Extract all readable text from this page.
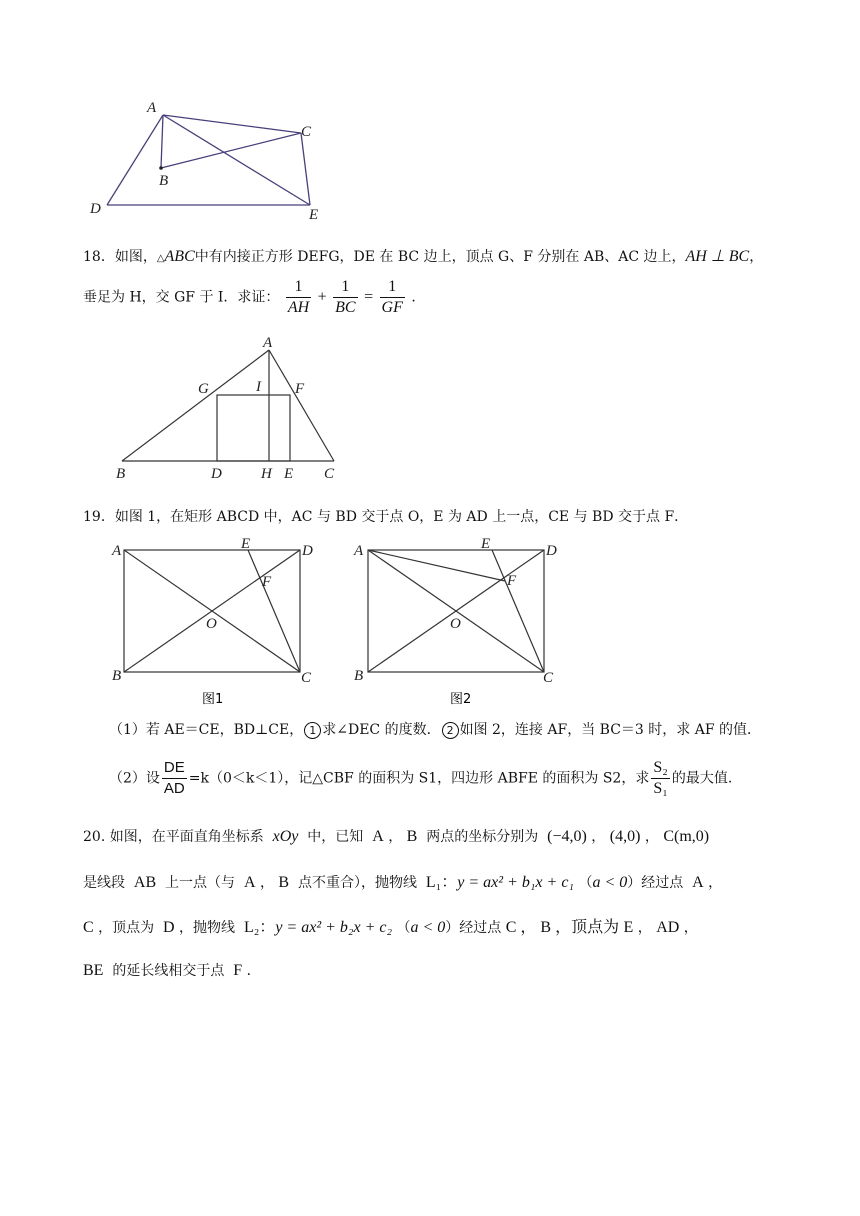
A
B
C
D	E
18．如图，△ABC中有内接正方形 DEFG，DE 在 BC 边上，顶点 G、F 分别在 AB、AC 边上，AH ⊥ BC，
垂足为 H，交 GF 于 I．求证： $\frac{1}{AH} + \frac{1}{BC} = \frac{1}{GF}$ ．
A
G	I F
B	D	H E C
19．如图 1，在矩形 ABCD 中，AC 与 BD 交于点 O，E 为 AD 上一点，CE 与 BD 交于点 F．
A	E	D
F
O
B	C
图1
A	E	D
F
O
B	C
图2
（1）若 AE＝CE，BD⊥CE， 1 求∠DEC 的度数． 2 如图 2，连接 AF，当 BC＝3 时，求 AF 的值．
（2）设 $\frac{DE}{AD} =k(0<k<1)$，记△CBF 的面积为 S1，四边形 ABFE 的面积为 S2，求 $\frac{\text{S₂}}{\text{S₁}}$ 的最大值.
20. 如图，在平面直角坐标系 xOy 中，已知 A ， B 两点的坐标分别为 (−4,0) ， (4,0) ， C(m,0)
是线段 AB 上一点（与 A ， B 点不重合），抛物线 L₁：y = ax² + b₁x + c₁ （a < 0）经过点 A ，
C ，顶点为 D ，抛物线 L₂：y = ax² + b₂x + c₂ （a < 0）经过点 C ， B ，顶点为 E ， AD ，
BE 的延长线相交于点 F ．
